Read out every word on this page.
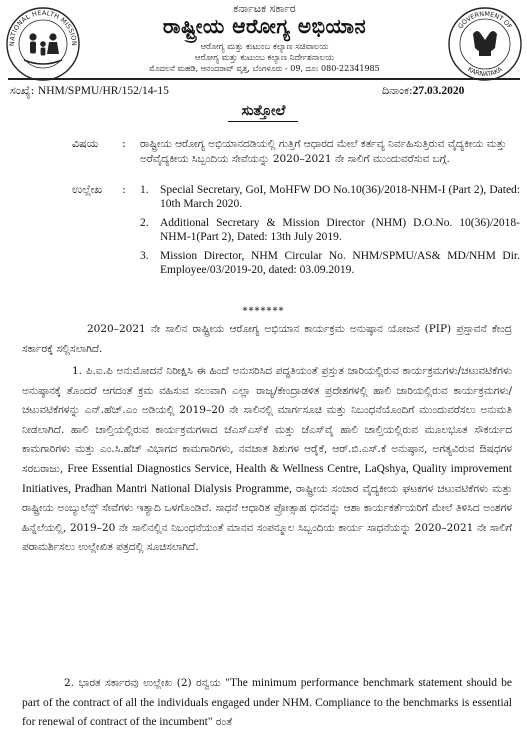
NATIONAL HEALTH MISSION
GOVERNMENT OF
KARNATAKA
ಕರ್ನಾಟಕ ಸರ್ಕಾರ
ರಾಷ್ಟ್ರೀಯ ಆರೋಗ್ಯ ಅಭಿಯಾನ
ಆರೋಗ್ಯ ಮತ್ತು ಕುಟುಂಬ ಕಲ್ಯಾಣ ಸಚಿವಾಲಯ
ಆರೋಗ್ಯ ಮತ್ತು ಕುಟುಂಬ ಕಲ್ಯಾಣ ನಿರ್ದೇಶನಾಲಯ
ಮೊದಲನೆ ಮಹಡಿ, ಆನಂದರಾವ್ ವೃತ್ತ, ಬೆಂಗಳೂರು - 09, ದೂ: 080-22341985
ಸಂಖ್ಯೆ: NHM/SPMU/HR/152/14-15	ದಿನಾಂಕ:27.03.2020
ಸುತ್ತೋಲೆ
ವಿಷಯ : ರಾಷ್ಟ್ರೀಯ ಆರೋಗ್ಯ ಅಭಿಯಾನದಡಿಯಲ್ಲಿ ಗುತ್ತಿಗೆ ಆಧಾರದ ಮೇಲೆ ಕರ್ತವ್ಯ ನಿರ್ವಹಿಸುತ್ತಿರುವ ವೈದ್ಯಕೀಯ ಮತ್ತು ಅರೆವೈದ್ಯಕೀಯ ಸಿಬ್ಬಂದಿಯ ಸೇವೆಯನ್ನು 2020–2021 ನೇ ಸಾಲಿಗೆ ಮುಂದುವರೆಸುವ ಬಗ್ಗೆ.
ಉಲ್ಲೇಖ : 1. Special Secretary, GoI, MoHFW DO No.10(36)/2018-NHM-I (Part 2), Dated: 10th March 2020.
2. Additional Secretary & Mission Director (NHM) D.O.No. 10(36)/2018-NHM-1(Part 2), Dated: 13th July 2019.
3. Mission Director, NHM Circular No. NHM/SPMU/AS& MD/NHM Dir. Employee/03/2019-20, dated: 03.09.2019.
*******
2020–2021 ನೇ ಸಾಲಿನ ರಾಷ್ಟ್ರೀಯ ಆರೋಗ್ಯ ಅಭಿಯಾನ ಕಾರ್ಯಕ್ರಮ ಅನುಷ್ಠಾನ ಯೋಜನೆ (PIP) ಪ್ರಸ್ತಾವನೆ ಕೇಂದ್ರ ಸರ್ಕಾರಕ್ಕೆ ಸಲ್ಲಿಸಲಾಗಿದೆ.
1. ಪಿ.ಐ.ಪಿ ಅನುಮೋದನೆ ನಿರೀಕ್ಷಿಸಿ ಈ ಹಿಂದೆ ಅನುಸರಿಸಿದ ಪದ್ಧತಿಯಂತೆ ಪ್ರಸ್ತುತ ಜಾರಿಯಲ್ಲಿರುವ ಕಾರ್ಯಕ್ರಮಗಳು/ಚಟುವಟಿಕೆಗಳು ಅನುಷ್ಠಾನಕ್ಕೆ ತೊಂದರೆ ಆಗದಂತೆ ಕ್ರಮ ವಹಿಸುವ ಸಲುವಾಗಿ ಎಲ್ಲಾ ರಾಜ್ಯ/ಕೇಂದ್ರಾಡಳಿತ ಪ್ರದೇಶಗಳಲ್ಲಿ ಹಾಲಿ ಜಾರಿಯಲ್ಲಿರುವ ಕಾರ್ಯಕ್ರಮಗಳು/ಚಟುವಟಿಕೆಗಳನ್ನು ಎನ್.ಹೆಚ್.ಎಂ ಅಡಿಯಲ್ಲಿ 2019–20 ನೇ ಸಾಲಿನಲ್ಲಿ ಮಾರ್ಗಸೂಚಿ ಮತ್ತು ನಿಬಂಧನೆಯೊಂದಿಗೆ ಮುಂದುವರೆಸಲು ಅನುಮತಿ ನೀಡಲಾಗಿದೆ. ಹಾಲಿ ಚಾಲ್ತಿಯಲ್ಲಿರುವ ಕಾರ್ಯಕ್ರಮಗಳಾದ ಜೆಎಸ್ಎಸ್‌ಕೆ ಮತ್ತು ಜೆಎಸ್‌ವೈ ಹಾಲಿ ಚಾಲ್ತಿಯಲ್ಲಿರುವ ಮೂಲಭೂತ ಸೌಕರ್ಯದ ಕಾಮಗಾರಿಗಳು ಮತ್ತು ಎಂ.ಸಿ.ಹೆಚ್ ವಿಭಾಗದ ಕಾಮಗಾರಿಗಳು, ನವಜಾತ ಶಿಶುಗಳ ಆರೈಕೆ, ಆರ್.ಬಿ.ಎಸ್.ಕೆ ಅನುಷ್ಠಾನ, ಅಗತ್ಯವಿರುವ ಔಷಧಗಳ ಸರಬರಾಜು, Free Essential Diagnostics Service, Health & Wellness Centre, LaQshya, Quality improvement Initiatives, Pradhan Mantri National Dialysis Programme, ರಾಷ್ಟ್ರೀಯ ಸಂಚಾರ ವೈದ್ಯಕೀಯ ಘಟಕಗಳ ಚಟುವಟಿಕೆಗಳು ಮತ್ತು ರಾಷ್ಟ್ರೀಯ ಅಂಬ್ಯುಲೆನ್ಸ್ ಸೇವೆಗಳು ಇತ್ಯಾದಿ ಒಳಗೊಂಡಿವೆ. ಸಾಧನೆ ಆಧಾರಿತ ಪ್ರೋತ್ಸಾಹ ಧನವನ್ನು ಆಶಾ ಕಾರ್ಯಕರ್ತೆಯರಿಗೆ ಮೇಲೆ ತಿಳಿಸಿದ ಅಂಶಗಳ ಹಿನ್ನೆಲೆಯಲ್ಲಿ, 2019–20 ನೇ ಸಾಲಿನಲ್ಲಿನ ನಿಬಂಧನೆಯಂತೆ ಮಾನವ ಸಂಪನ್ಮೂಲ ಸಿಬ್ಬಂದಿಯ ಕಾರ್ಯ ಸಾಧನೆಯನ್ನು 2020–2021 ನೇ ಸಾಲಿಗೆ ಪರಾಮರ್ಶಿಸಲು ಉಲ್ಲೇಖಿತ ಪತ್ರದಲ್ಲಿ ಸೂಚಿಸಲಾಗಿದೆ.
2. ಭಾರತ ಸರ್ಕಾರವು ಉಲ್ಲೇಖ (2) ರನ್ವಯ "The minimum performance benchmark statement should be part of the contract of all the individuals engaged under NHM. Compliance to the benchmarks is essential for renewal of contract of the incumbent" ರಂತೆ
